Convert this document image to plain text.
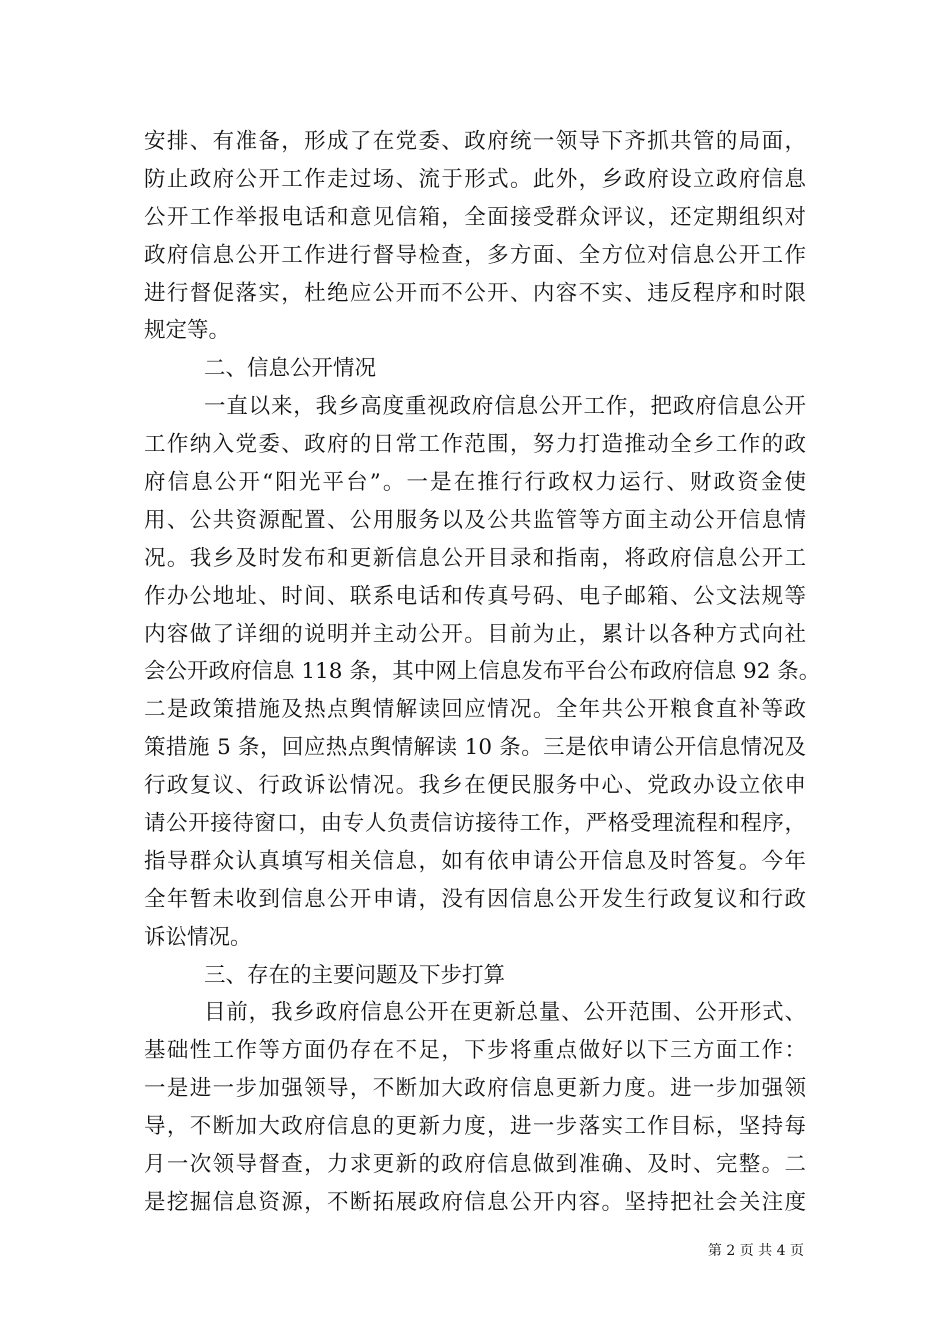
安排、有准备，形成了在党委、政府统一领导下齐抓共管的局面，
防止政府公开工作走过场、流于形式。此外，乡政府设立政府信息
公开工作举报电话和意见信箱，全面接受群众评议，还定期组织对
政府信息公开工作进行督导检查，多方面、全方位对信息公开工作
进行督促落实，杜绝应公开而不公开、内容不实、违反程序和时限
规定等。
二、信息公开情况
一直以来，我乡高度重视政府信息公开工作，把政府信息公开
工作纳入党委、政府的日常工作范围，努力打造推动全乡工作的政
府信息公开“阳光平台”。一是在推行行政权力运行、财政资金使
用、公共资源配置、公用服务以及公共监管等方面主动公开信息情
况。我乡及时发布和更新信息公开目录和指南，将政府信息公开工
作办公地址、时间、联系电话和传真号码、电子邮箱、公文法规等
内容做了详细的说明并主动公开。目前为止，累计以各种方式向社
会公开政府信息 118 条，其中网上信息发布平台公布政府信息 92 条。
二是政策措施及热点舆情解读回应情况。全年共公开粮食直补等政
策措施 5 条，回应热点舆情解读 10 条。三是依申请公开信息情况及
行政复议、行政诉讼情况。我乡在便民服务中心、党政办设立依申
请公开接待窗口，由专人负责信访接待工作，严格受理流程和程序，
指导群众认真填写相关信息，如有依申请公开信息及时答复。今年
全年暂未收到信息公开申请，没有因信息公开发生行政复议和行政
诉讼情况。
三、存在的主要问题及下步打算
目前，我乡政府信息公开在更新总量、公开范围、公开形式、
基础性工作等方面仍存在不足，下步将重点做好以下三方面工作：
一是进一步加强领导，不断加大政府信息更新力度。进一步加强领
导，不断加大政府信息的更新力度，进一步落实工作目标，坚持每
月一次领导督查，力求更新的政府信息做到准确、及时、完整。二
是挖掘信息资源，不断拓展政府信息公开内容。坚持把社会关注度
第 2 页 共 4 页
